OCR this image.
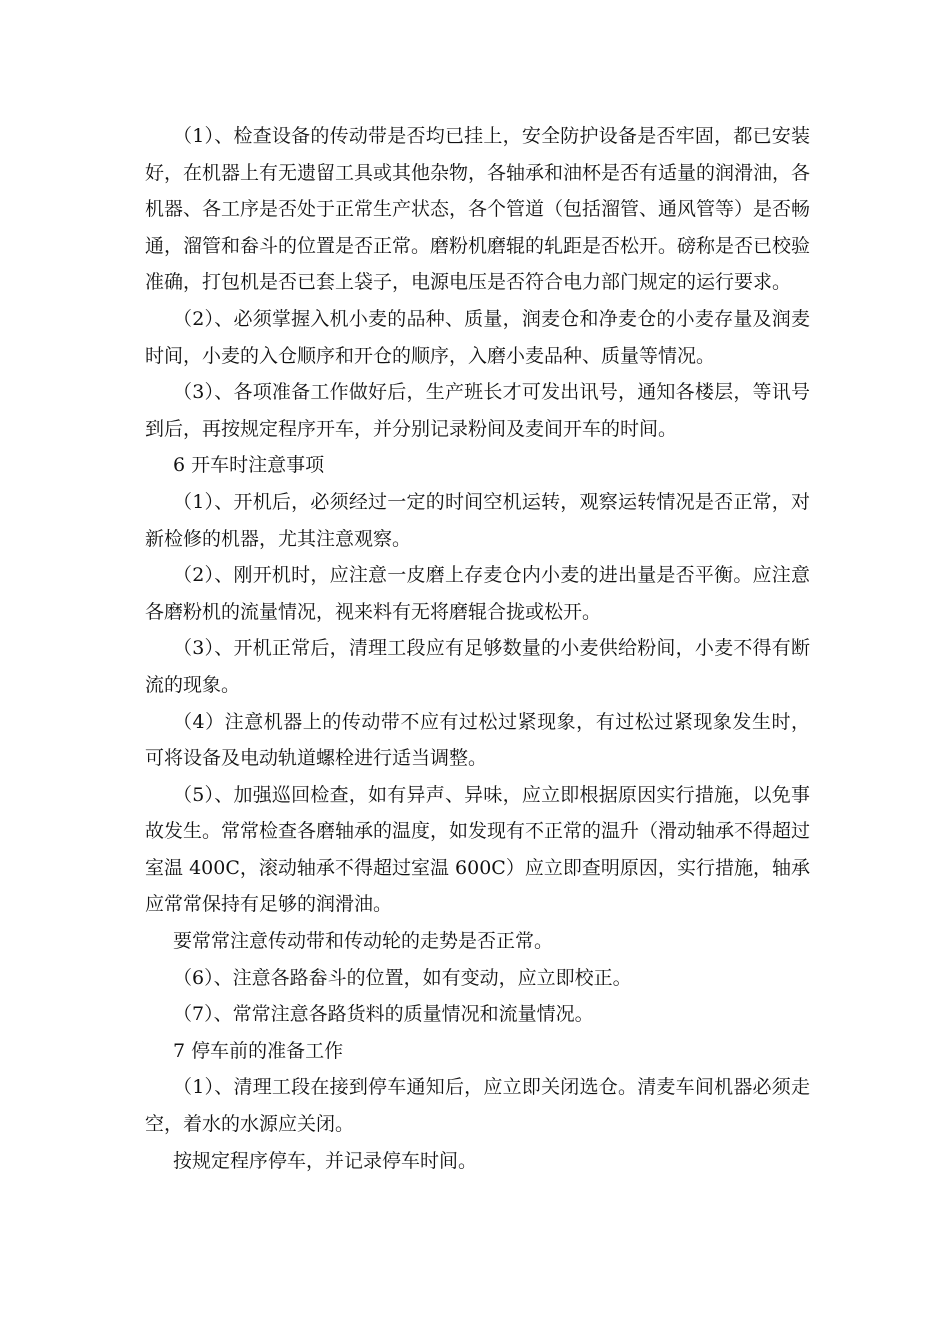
（1）、检查设备的传动带是否均已挂上，安全防护设备是否牢固，都已安装好，在机器上有无遗留工具或其他杂物，各轴承和油杯是否有适量的润滑油，各机器、各工序是否处于正常生产状态，各个管道（包括溜管、通风管等）是否畅通，溜管和畚斗的位置是否正常。磨粉机磨辊的轧距是否松开。磅称是否已校验准确，打包机是否已套上袋子，电源电压是否符合电力部门规定的运行要求。

（2）、必须掌握入机小麦的品种、质量，润麦仓和净麦仓的小麦存量及润麦时间，小麦的入仓顺序和开仓的顺序，入磨小麦品种、质量等情况。

（3）、各项准备工作做好后，生产班长才可发出讯号，通知各楼层，等讯号到后，再按规定程序开车，并分别记录粉间及麦间开车的时间。

6 开车时注意事项

（1）、开机后，必须经过一定的时间空机运转，观察运转情况是否正常，对新检修的机器，尤其注意观察。

（2）、刚开机时，应注意一皮磨上存麦仓内小麦的进出量是否平衡。应注意各磨粉机的流量情况，视来料有无将磨辊合拢或松开。

（3）、开机正常后，清理工段应有足够数量的小麦供给粉间，小麦不得有断流的现象。

（4）注意机器上的传动带不应有过松过紧现象，有过松过紧现象发生时，可将设备及电动轨道螺栓进行适当调整。

（5）、加强巡回检查，如有异声、异味，应立即根据原因实行措施，以免事故发生。常常检查各磨轴承的温度，如发现有不正常的温升（滑动轴承不得超过室温 400C，滚动轴承不得超过室温 600C）应立即查明原因，实行措施，轴承应常常保持有足够的润滑油。

要常常注意传动带和传动轮的走势是否正常。

（6）、注意各路畚斗的位置，如有变动，应立即校正。

（7）、常常注意各路货料的质量情况和流量情况。

7 停车前的准备工作

（1）、清理工段在接到停车通知后，应立即关闭选仓。清麦车间机器必须走空，着水的水源应关闭。

按规定程序停车，并记录停车时间。
